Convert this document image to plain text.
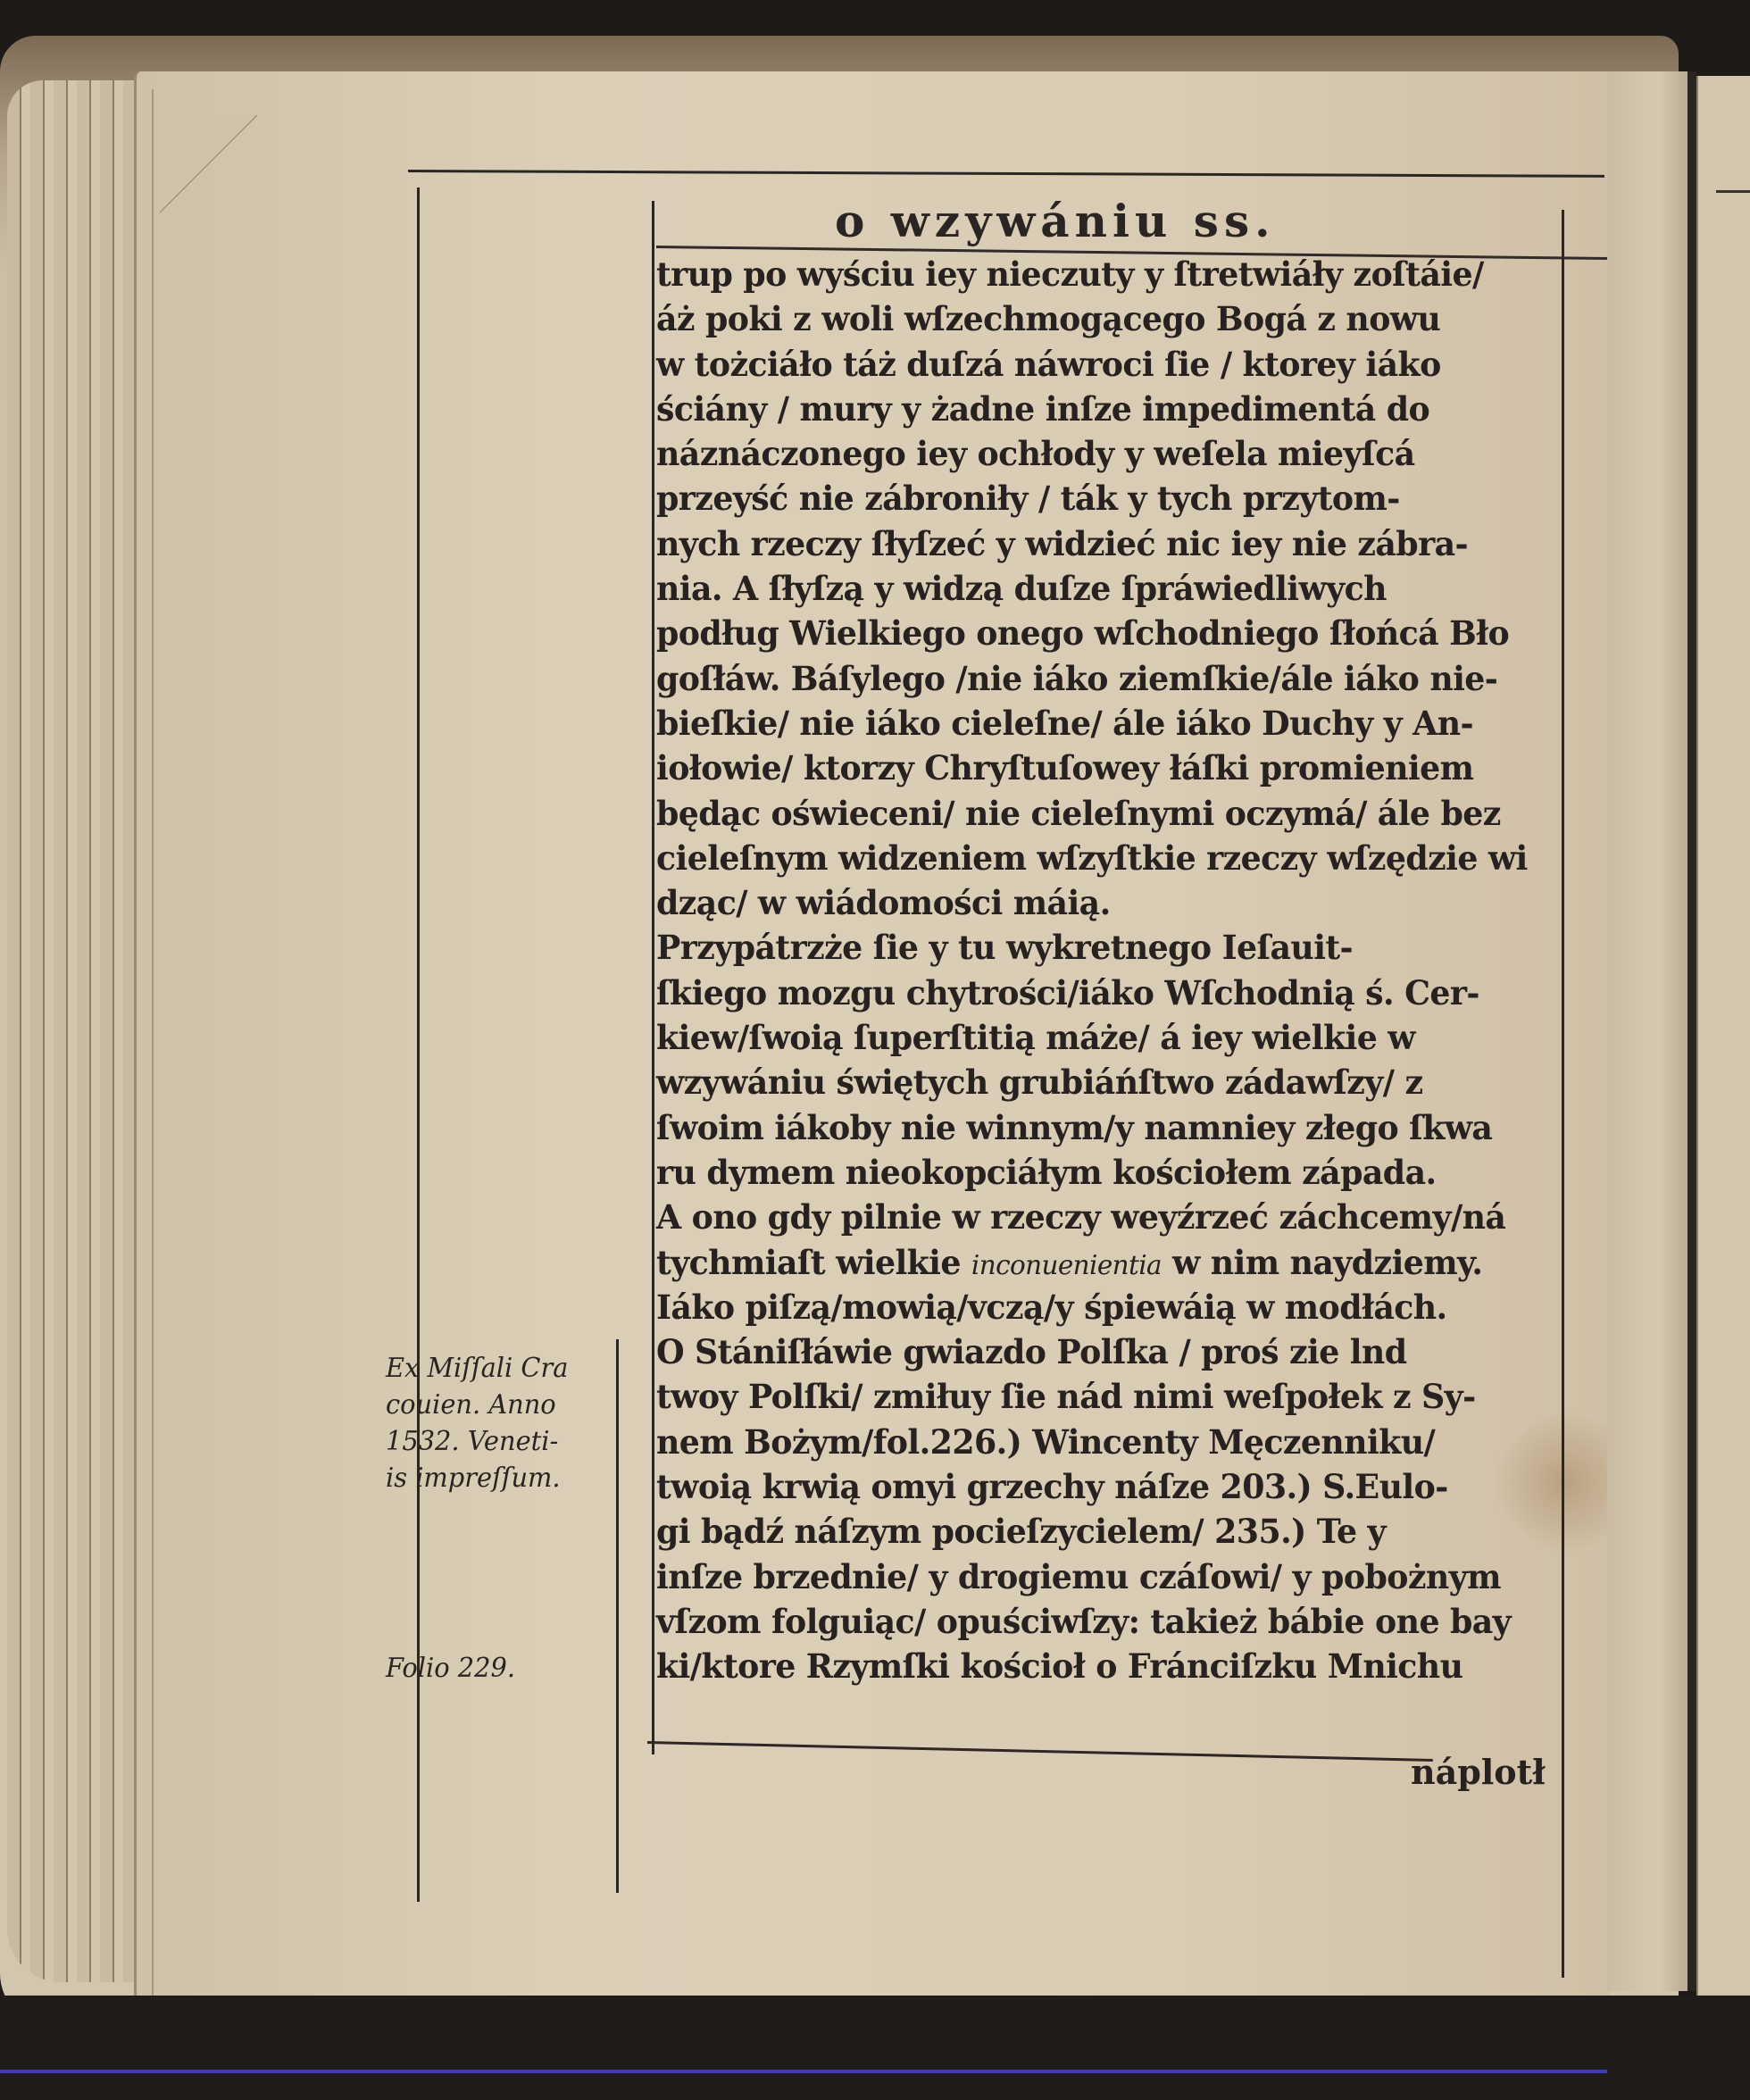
o wzywániu ss.
trup po wyściu iey nieczuty y ſtretwiáły zoſtáie/
áż poki z woli wſzechmogącego Bogá z nowu
w tożciáło táż duſzá náwroci ſie / ktorey iáko
ściány / mury y żadne inſze impedimentá do
náznáczonego iey ochłody y weſela mieyſcá
przeyść nie zábroniły / ták y tych przytom-
nych rzeczy ſłyſzeć y widzieć nic iey nie zábra-
nia. A ſłyſzą y widzą duſze ſpráwiedliwych
podług Wielkiego onego wſchodniego ſłońcá Bło
goſłáw. Báſylego /nie iáko ziemſkie/ále iáko nie-
bieſkie/ nie iáko cieleſne/ ále iáko Duchy y An-
iołowie/ ktorzy Chryſtuſowey łáſki promieniem
będąc oświeceni/ nie cieleſnymi oczymá/ ále bez
cieleſnym widzeniem wſzyſtkie rzeczy wſzędzie wi
dząc/ w wiádomości máią.
Przypátrzże ſie y tu wykretnego Ieſauit-
ſkiego mozgu chytrości/iáko Wſchodnią ś. Cer-
kiew/ſwoią ſuperſtitią máże/ á iey wielkie w
wzywániu świętych grubiáńſtwo zádawſzy/ z
ſwoim iákoby nie winnym/y namniey złego ſkwa
ru dymem nieokopciáłym kościołem západa.
A ono gdy pilnie w rzeczy weyźrzeć záchcemy/ná
tychmiaſt wielkie inconuenientia w nim naydziemy.
Iáko piſzą/mowią/vczą/y śpiewáią w modłách.
O Stániſłáwie gwiazdo Polſka / proś zie lnd
twoy Polſki/ zmiłuy ſie nád nimi weſpołek z Sy-
nem Bożym/fol.226.) Wincenty Męczenniku/
twoią krwią omyi grzechy náſze 203.) S.Eulo-
gi bądź náſzym pocieſzycielem/ 235.) Te y
inſze brzednie/ y drogiemu czáſowi/ y pobożnym
vſzom folguiąc/ opuściwſzy: takież bábie one bay
ki/ktore Rzymſki kościoł o Fránciſzku Mnichu
náplotł
Ex Miſſali Cra
couien. Anno
1532. Veneti-
is impreſſum.
Folio 229.
